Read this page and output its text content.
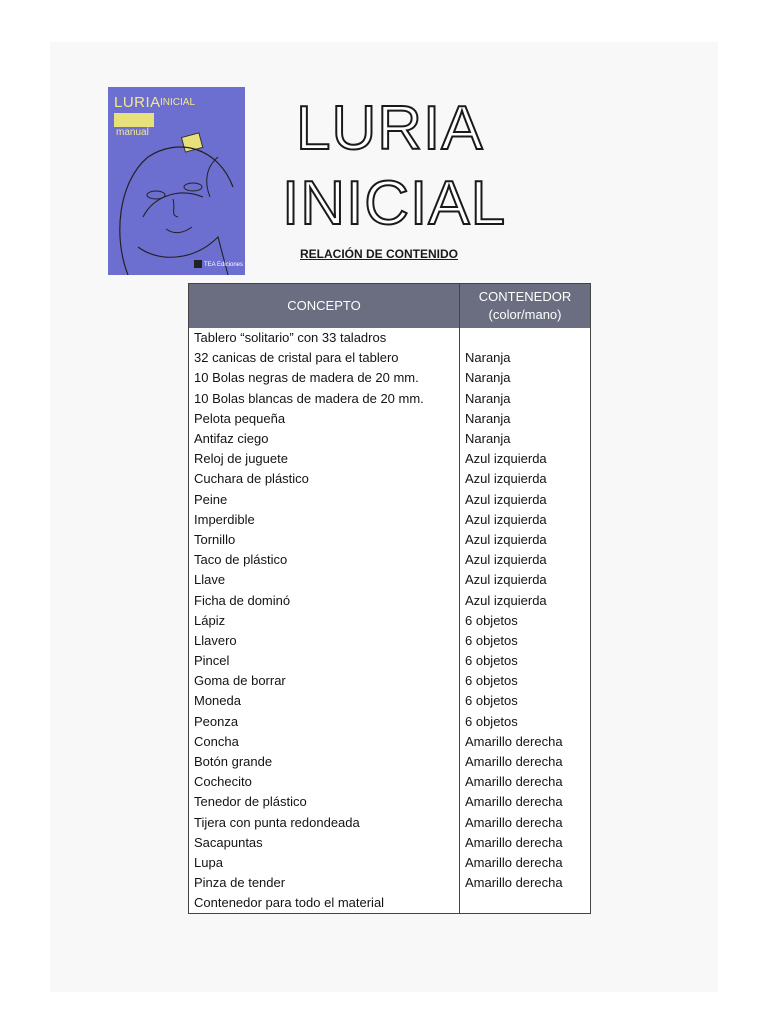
LURIA INICIAL
manual
TEA Ediciones
LURIA
INICIAL
RELACIÓN DE CONTENIDO
CONCEPTO	CONTENEDOR
(color/mano)
Tablero “solitario” con 33 taladros	
32 canicas de cristal para el tablero	Naranja
10 Bolas negras de madera de 20 mm.	Naranja
10 Bolas blancas de madera de 20 mm.	Naranja
Pelota pequeña	Naranja
Antifaz ciego	Naranja
Reloj de juguete	Azul izquierda
Cuchara de plástico	Azul izquierda
Peine	Azul izquierda
Imperdible	Azul izquierda
Tornillo	Azul izquierda
Taco de plástico	Azul izquierda
Llave	Azul izquierda
Ficha de dominó	Azul izquierda
Lápiz	6 objetos
Llavero	6 objetos
Pincel	6 objetos
Goma de borrar	6 objetos
Moneda	6 objetos
Peonza	6 objetos
Concha	Amarillo derecha
Botón grande	Amarillo derecha
Cochecito	Amarillo derecha
Tenedor de plástico	Amarillo derecha
Tijera con punta redondeada	Amarillo derecha
Sacapuntas	Amarillo derecha
Lupa	Amarillo derecha
Pinza de tender	Amarillo derecha
Contenedor para todo el material	
